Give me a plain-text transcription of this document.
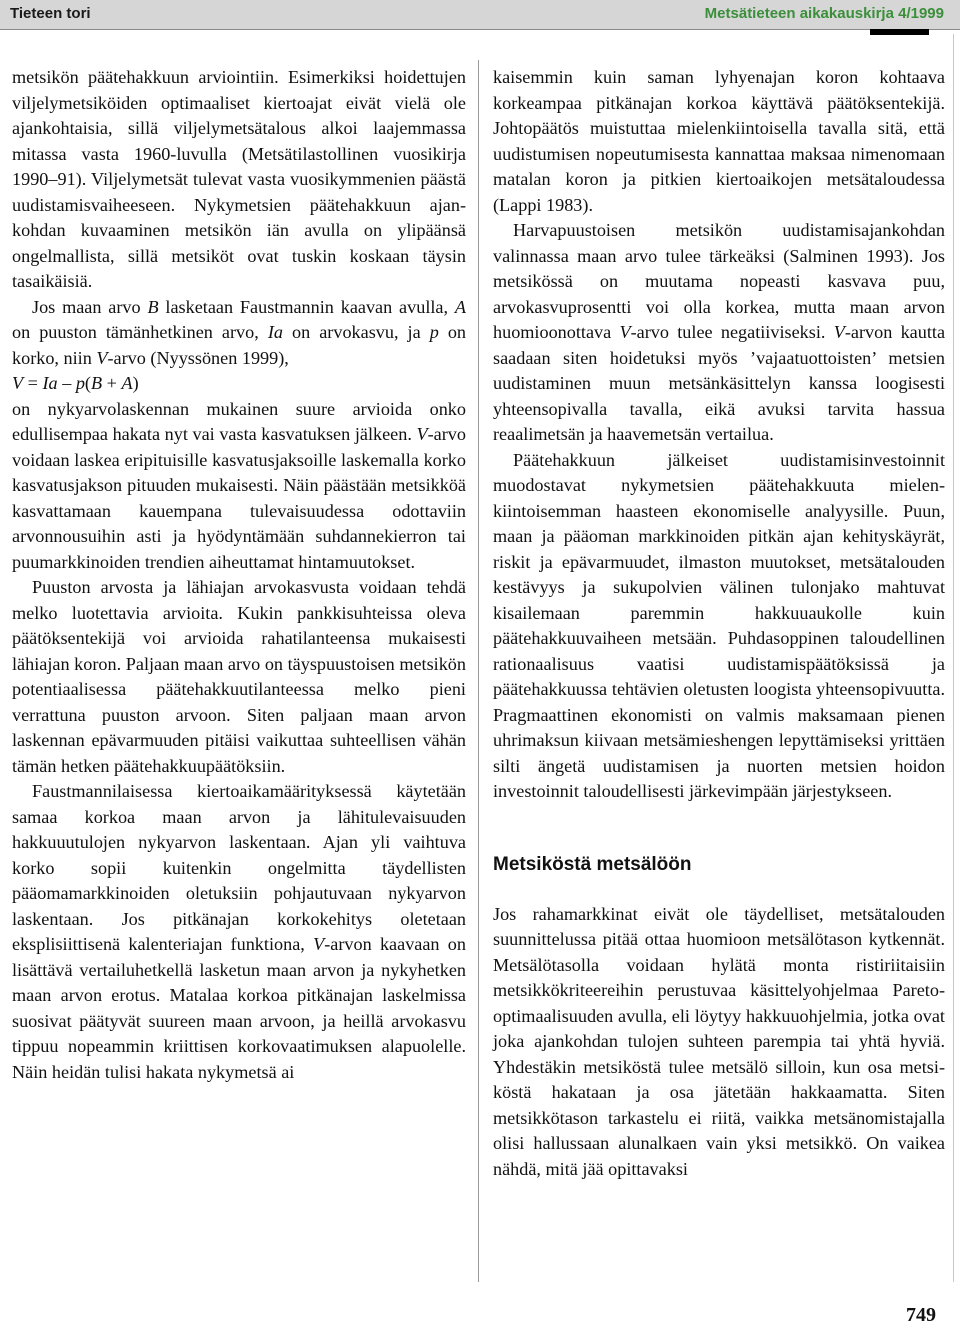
Tieteen tori	Metsätieteen aikakauskirja 4/1999

metsikön päätehakkuun arviointiin. Esimerkiksi hoidettujen viljelymetsiköiden optimaaliset kiertoajat eivät vielä ole ajankohtaisia, sillä viljelymetsätalous alkoi laajemmassa mitassa vasta 1960-luvulla (Metsätilastollinen vuosikirja 1990–91). Viljelymetsät tulevat vasta vuosikymmenien päästä uudistamisvaiheeseen. Nykymetsien päätehakkuun ajankohdan kuvaaminen metsikön iän avulla on ylipäänsä ongelmallista, sillä metsiköt ovat tuskin koskaan täysin tasaikäisiä.

Jos maan arvo B lasketaan Faustmannin kaavan avulla, A on puuston tämänhetkinen arvo, Ia on arvokasvu, ja p on korko, niin V-arvo (Nyyssönen 1999),

V = Ia – p(B + A)

on nykyarvolaskennan mukainen suure arvioida onko edullisempaa hakata nyt vai vasta kasvatuksen jälkeen. V-arvo voidaan laskea eripituisille kasvatusjaksoille laskemalla korko kasvatusjakson pituuden mukaisesti. Näin päästään metsikköä kasvattamaan kauempana tulevaisuudessa odottaviin arvonnousuihin asti ja hyödyntämään suhdannekierron tai puumarkkinoiden trendien aiheuttamat hintamuutokset.

Puuston arvosta ja lähiajan arvokasvusta voidaan tehdä melko luotettavia arvioita. Kukin pankkisuhteissa oleva päätöksentekijä voi arvioida rahatilanteensa mukaisesti lähiajan koron. Paljaan maan arvo on täyspuustoisen metsikön potentiaalisessa päätehakkuutilanteessa melko pieni verrattuna puuston arvoon. Siten paljaan maan arvon laskennan epävarmuuden pitäisi vaikuttaa suhteellisen vähän tämän hetken päätehakkuupäätöksiin.

Faustmannilaisessa kiertoaikamäärityksessä käytetään samaa korkoa maan arvon ja lähitulevaisuuden hakkuuutulojen nykyarvon laskentaan. Ajan yli vaihtuva korko sopii kuitenkin ongelmitta täydellisten pääomamarkkinoiden oletuksiin pohjautuvaan nykyarvon laskentaan. Jos pitkänajan korkokehitys oletetaan eksplisiittisenä kalenteriajan funktiona, V-arvon kaavaan on lisättävä vertailuhetkellä lasketun maan arvon ja nykyhetken maan arvon erotus. Matalaa korkoa pitkänajan laskelmissa suosivat päätyvät suureen maan arvoon, ja heillä arvokasvu tippuu nopeammin kriittisen korkovaatimuksen alapuolelle. Näin heidän tulisi hakata nykymetsä ai

kaisemmin kuin saman lyhyenajan koron kohtaava korkeampaa pitkänajan korkoa käyttävä päätöksentekijä. Johtopäätös muistuttaa mielenkiintoisella tavalla sitä, että uudistumisen nopeutumisesta kannattaa maksaa nimenomaan matalan koron ja pitkien kiertoaikojen metsätaloudessa (Lappi 1983).

Harvapuustoisen metsikön uudistamisajankohdan valinnassa maan arvo tulee tärkeäksi (Salminen 1993). Jos metsikössä on muutama nopeasti kasvava puu, arvokasvuprosentti voi olla korkea, mutta maan arvon huomioonottava V-arvo tulee negatiiviseksi. V-arvon kautta saadaan siten hoidetuksi myös ’vajaatuottoisten’ metsien uudistaminen muun metsänkäsittelyn kanssa loogisesti yhteensopivalla tavalla, eikä avuksi tarvita hassua reaalimetsän ja haavemetsän vertailua.

Päätehakkuun jälkeiset uudistamisinvestoinnit muodostavat nykymetsien päätehakkuuta mielenkiintoisemman haasteen ekonomiselle analyysille. Puun, maan ja pääoman markkinoiden pitkän ajan kehityskäyrät, riskit ja epävarmuudet, ilmaston muutokset, metsätalouden kestävyys ja sukupolvien välinen tulonjako mahtuvat kisailemaan paremmin hakkuuaukolle kuin päätehakkuuvaiheen metsään. Puhdasoppinen taloudellinen rationaalisuus vaatisi uudistamispäätöksissä ja päätehakkuussa tehtävien oletusten loogista yhteensopivuutta. Pragmaattinen ekonomisti on valmis maksamaan pienen uhrimaksun kiivaan metsämieshengen lepyttämiseksi yrittäen silti ängetä uudistamisen ja nuorten metsien hoidon investoinnit taloudellisesti järkevimpään järjestykseen.

Metsiköstä metsälöön

Jos rahamarkkinat eivät ole täydelliset, metsätalouden suunnittelussa pitää ottaa huomioon metsälötason kytkennät. Metsälötasolla voidaan hylätä monta ristiriitaisiin metsikkökriteereihin perustuvaa käsittelyohjelmaa Pareto-optimaalisuuden avulla, eli löytyy hakkuuohjelmia, jotka ovat joka ajankohdan tulojen suhteen parempia tai yhtä hyviä. Yhdestäkin metsiköstä tulee metsälö silloin, kun osa metsiköstä hakataan ja osa jätetään hakkaamatta. Siten metsikkötason tarkastelu ei riitä, vaikka metsänomistajalla olisi hallussaan alunalkaen vain yksi metsikkö. On vaikea nähdä, mitä jää opittavaksi

749
